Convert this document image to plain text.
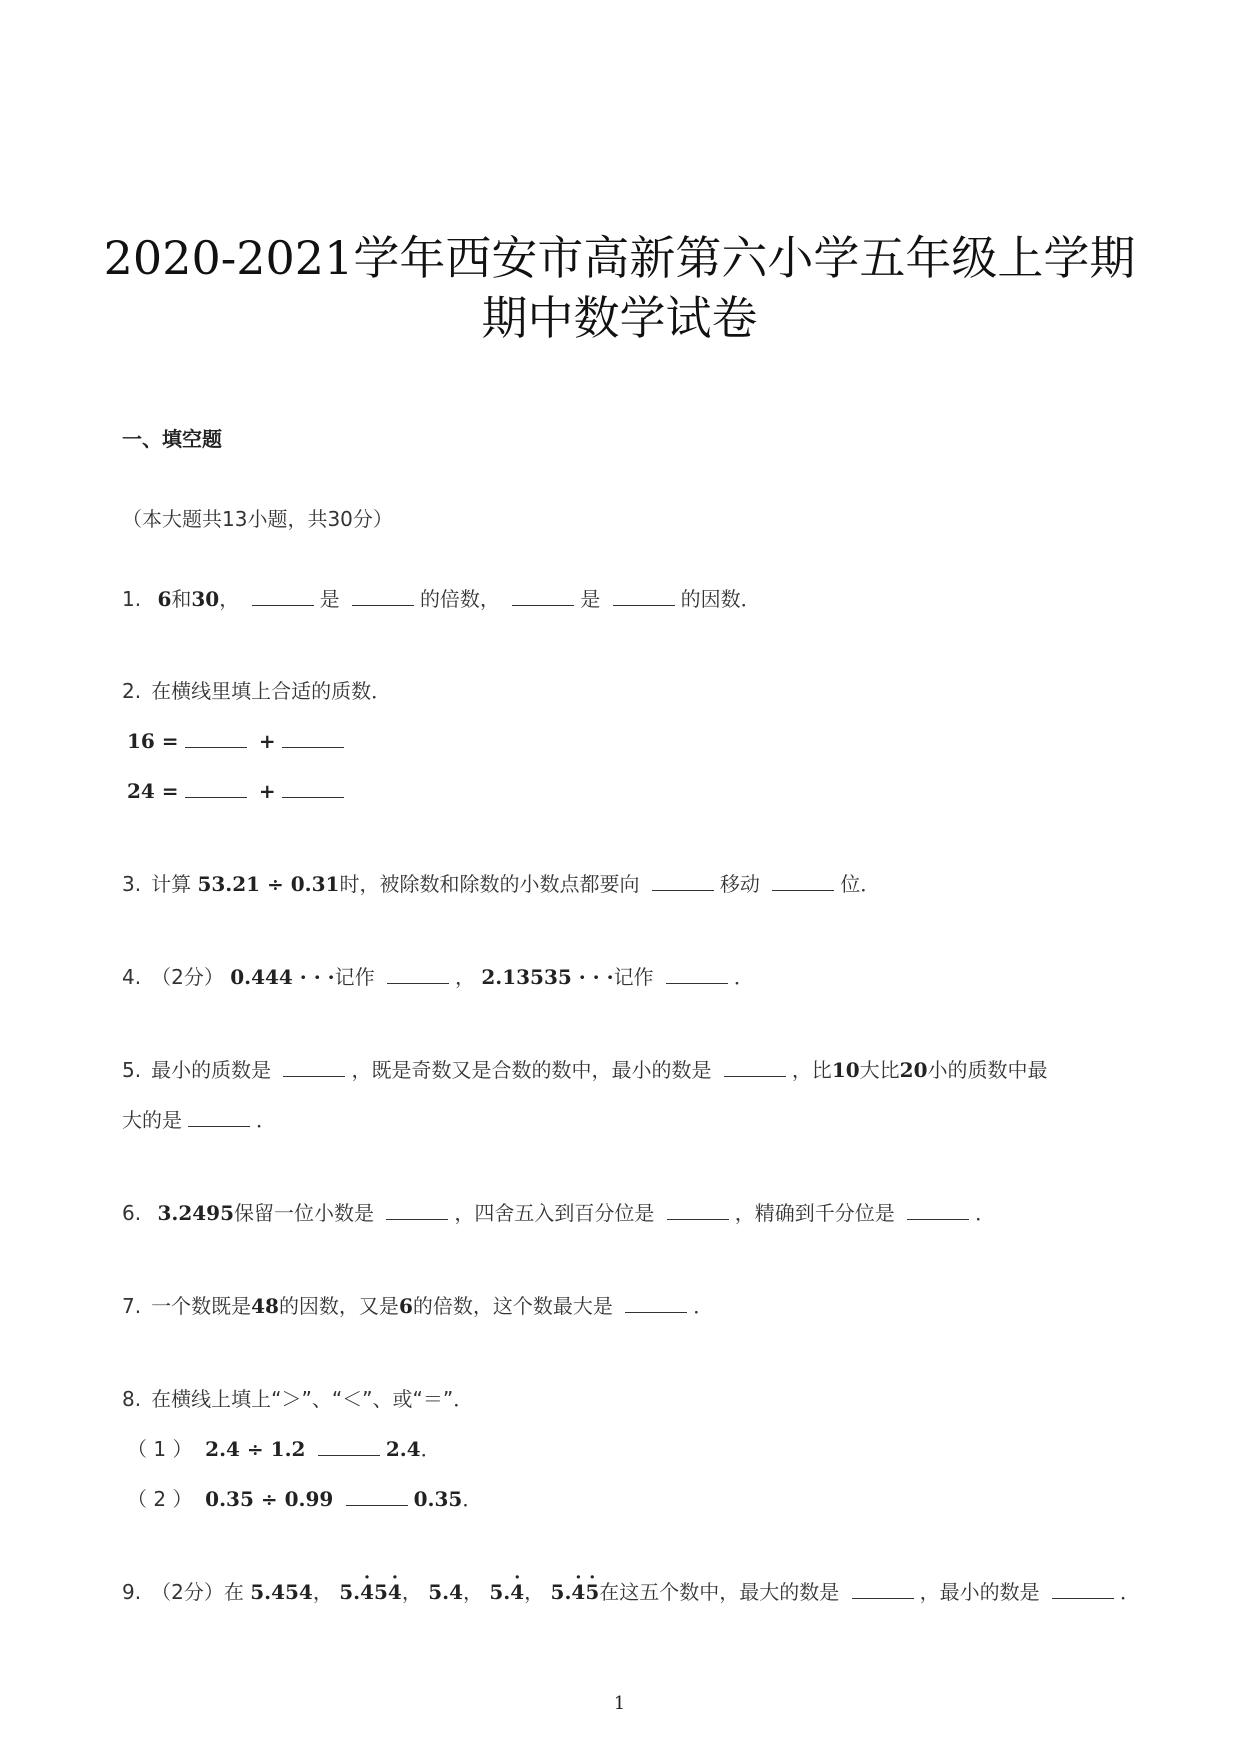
2020-2021学年西安市高新第六小学五年级上学期
期中数学试卷
一、填空题
（本大题共13小题，共30分）
1. 6和30，	是	的倍数，	是	的因数．
2. 在横线里填上合适的质数．
16 =	+
24 =	+
3. 计算 53.21 ÷ 0.31时，被除数和除数的小数点都要向	移动	位．
4. （2分） 0.444 · · ·记作	， 2.13535 · · ·记作	．
5. 最小的质数是	，既是奇数又是合数的数中，最小的数是	，比10大比20小的质数中最
大的是	．
6. 3.2495保留一位小数是	，四舍五入到百分位是	，精确到千分位是	．
7. 一个数既是48的因数，又是6的倍数，这个数最大是	．
8. 在横线上填上“＞”、“＜”、或“＝”．
（ 1 ） 2.4 ÷ 1.2	2.4．
（ 2 ） 0.35 ÷ 0.99	0.35．
9. （2分）在 5.454， 5.4 ·54 ·， 5.4， 5.4 ·， 5.4 ·5 ·在这五个数中，最大的数是	，最小的数是	．
1
